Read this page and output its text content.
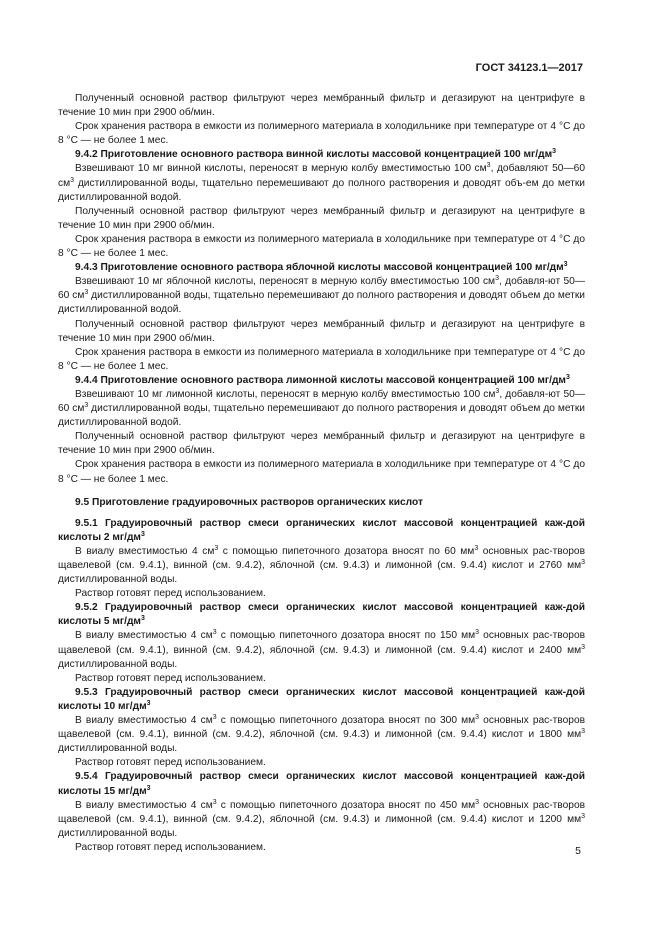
ГОСТ 34123.1—2017

Полученный основной раствор фильтруют через мембранный фильтр и дегазируют на центрифуге в течение 10 мин при 2900 об/мин.

Срок хранения раствора в емкости из полимерного материала в холодильнике при температуре от 4 °С до 8 °С — не более 1 мес.

9.4.2 Приготовление основного раствора винной кислоты массовой концентрацией 100 $мг/дм^3$

Взвешивают 10 мг винной кислоты, переносят в мерную колбу вместимостью 100 $см^3$, добавляют 50—60 $см^3$ дистиллированной воды, тщательно перемешивают до полного растворения и доводят объ-ем до метки дистиллированной водой.

Полученный основной раствор фильтруют через мембранный фильтр и дегазируют на центрифуге в течение 10 мин при 2900 об/мин.

Срок хранения раствора в емкости из полимерного материала в холодильнике при температуре от 4 °С до 8 °С — не более 1 мес.

9.4.3 Приготовление основного раствора яблочной кислоты массовой концентрацией 100 $мг/дм^3$

Взвешивают 10 мг яблочной кислоты, переносят в мерную колбу вместимостью 100 $см^3$, добавля-ют 50—60 $см^3$ дистиллированной воды, тщательно перемешивают до полного растворения и доводят объем до метки дистиллированной водой.

Полученный основной раствор фильтруют через мембранный фильтр и дегазируют на центрифуге в течение 10 мин при 2900 об/мин.

Срок хранения раствора в емкости из полимерного материала в холодильнике при температуре от 4 °С до 8 °С — не более 1 мес.

9.4.4 Приготовление основного раствора лимонной кислоты массовой концентрацией 100 $мг/дм^3$

Взвешивают 10 мг лимонной кислоты, переносят в мерную колбу вместимостью 100 $см^3$, добавля-ют 50—60 $см^3$ дистиллированной воды, тщательно перемешивают до полного растворения и доводят объем до метки дистиллированной водой.

Полученный основной раствор фильтруют через мембранный фильтр и дегазируют на центрифуге в течение 10 мин при 2900 об/мин.

Срок хранения раствора в емкости из полимерного материала в холодильнике при температуре от 4 °С до 8 °С — не более 1 мес.

9.5 Приготовление градуировочных растворов органических кислот

9.5.1 Градуировочный раствор смеси органических кислот массовой концентрацией каж-дой кислоты 2 $мг/дм^3$

В виалу вместимостью 4 $см^3$ с помощью пипеточного дозатора вносят по 60 $мм^3$ основных рас-творов щавелевой (см. 9.4.1), винной (см. 9.4.2), яблочной (см. 9.4.3) и лимонной (см. 9.4.4) кислот и 2760 $мм^3$ дистиллированной воды.

Раствор готовят перед использованием.

9.5.2 Градуировочный раствор смеси органических кислот массовой концентрацией каж-дой кислоты 5 $мг/дм^3$

В виалу вместимостью 4 $см^3$ с помощью пипеточного дозатора вносят по 150 $мм^3$ основных рас-творов щавелевой (см. 9.4.1), винной (см. 9.4.2), яблочной (см. 9.4.3) и лимонной (см. 9.4.4) кислот и 2400 $мм^3$ дистиллированной воды.

Раствор готовят перед использованием.

9.5.3 Градуировочный раствор смеси органических кислот массовой концентрацией каж-дой кислоты 10 $мг/дм^3$

В виалу вместимостью 4 $см^3$ с помощью пипеточного дозатора вносят по 300 $мм^3$ основных рас-творов щавелевой (см. 9.4.1), винной (см. 9.4.2), яблочной (см. 9.4.3) и лимонной (см. 9.4.4) кислот и 1800 $мм^3$ дистиллированной воды.

Раствор готовят перед использованием.

9.5.4 Градуировочный раствор смеси органических кислот массовой концентрацией каж-дой кислоты 15 $мг/дм^3$

В виалу вместимостью 4 $см^3$ с помощью пипеточного дозатора вносят по 450 $мм^3$ основных рас-творов щавелевой (см. 9.4.1), винной (см. 9.4.2), яблочной (см. 9.4.3) и лимонной (см. 9.4.4) кислот и 1200 $мм^3$ дистиллированной воды.

Раствор готовят перед использованием.	5
